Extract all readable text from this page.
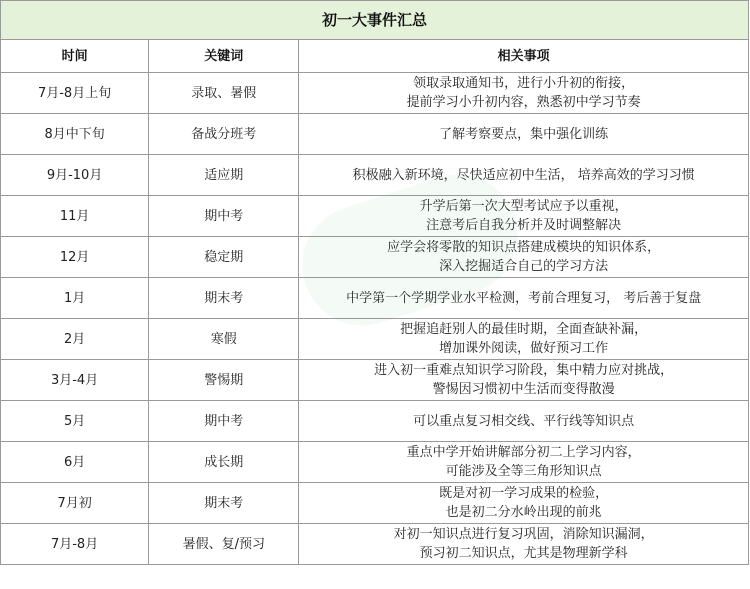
初一大事件汇总		
时间	关键词	相关事项
7月-8月上旬	录取、暑假	领取录取通知书，进行小升初的衔接，
提前学习小升初内容，熟悉初中学习节奏

8月中下旬	备战分班考	了解考察要点，集中强化训练

9月-10月	适应期	积极融入新环境，尽快适应初中生活， 培养高效的学习习惯

11月	期中考	升学后第一次大型考试应予以重视，
注意考后自我分析并及时调整解决

12月	稳定期	应学会将零散的知识点搭建成模块的知识体系，
深入挖掘适合自己的学习方法

1月	期末考	中学第一个学期学业水平检测，考前合理复习， 考后善于复盘

2月	寒假	把握追赶别人的最佳时期，全面查缺补漏，
增加课外阅读，做好预习工作

3月-4月	警惕期	进入初一重难点知识学习阶段，集中精力应对挑战，
警惕因习惯初中生活而变得散漫

5月	期中考	可以重点复习相交线、平行线等知识点

6月	成长期	重点中学开始讲解部分初二上学习内容，
可能涉及全等三角形知识点

7月初	期末考	既是对初一学习成果的检验，
也是初二分水岭出现的前兆

7月-8月	暑假、复/预习	对初一知识点进行复习巩固，消除知识漏洞，
预习初二知识点，尤其是物理新学科
